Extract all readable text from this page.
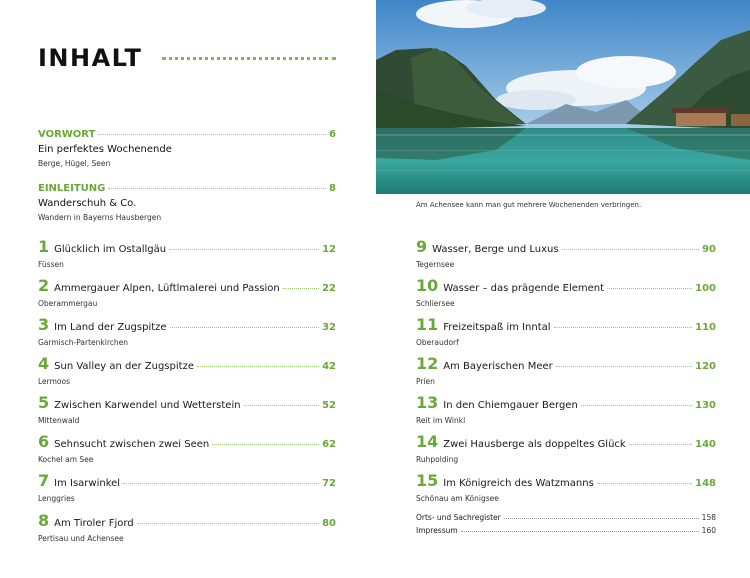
INHALT
Am Achensee kann man gut mehrere Wochenenden verbringen.
VORWORT	6
Ein perfektes Wochenende
Berge, Hügel, Seen
EINLEITUNG	8
Wanderschuh & Co.
Wandern in Bayerns Hausbergen
1 Glücklich im Ostallgäu	12
Füssen
2 Ammergauer Alpen, Lüftlmalerei und Passion	22
Oberammergau
3 Im Land der Zugspitze	32
Garmisch-Partenkirchen
4 Sun Valley an der Zugspitze	42
Lermoos
5 Zwischen Karwendel und Wetterstein	52
Mittenwald
6 Sehnsucht zwischen zwei Seen	62
Kochel am See
7 Im Isarwinkel	72
Lenggries
8 Am Tiroler Fjord	80
Pertisau und Achensee
9 Wasser, Berge und Luxus	90
Tegernsee
10 Wasser – das prägende Element	100
Schliersee
11 Freizeitspaß im Inntal	110
Oberaudorf
12 Am Bayerischen Meer	120
Prien
13 In den Chiemgauer Bergen	130
Reit im Winkl
14 Zwei Hausberge als doppeltes Glück	140
Ruhpolding
15 Im Königreich des Watzmanns	148
Schönau am Königsee
Orts- und Sachregister	158
Impressum	160
